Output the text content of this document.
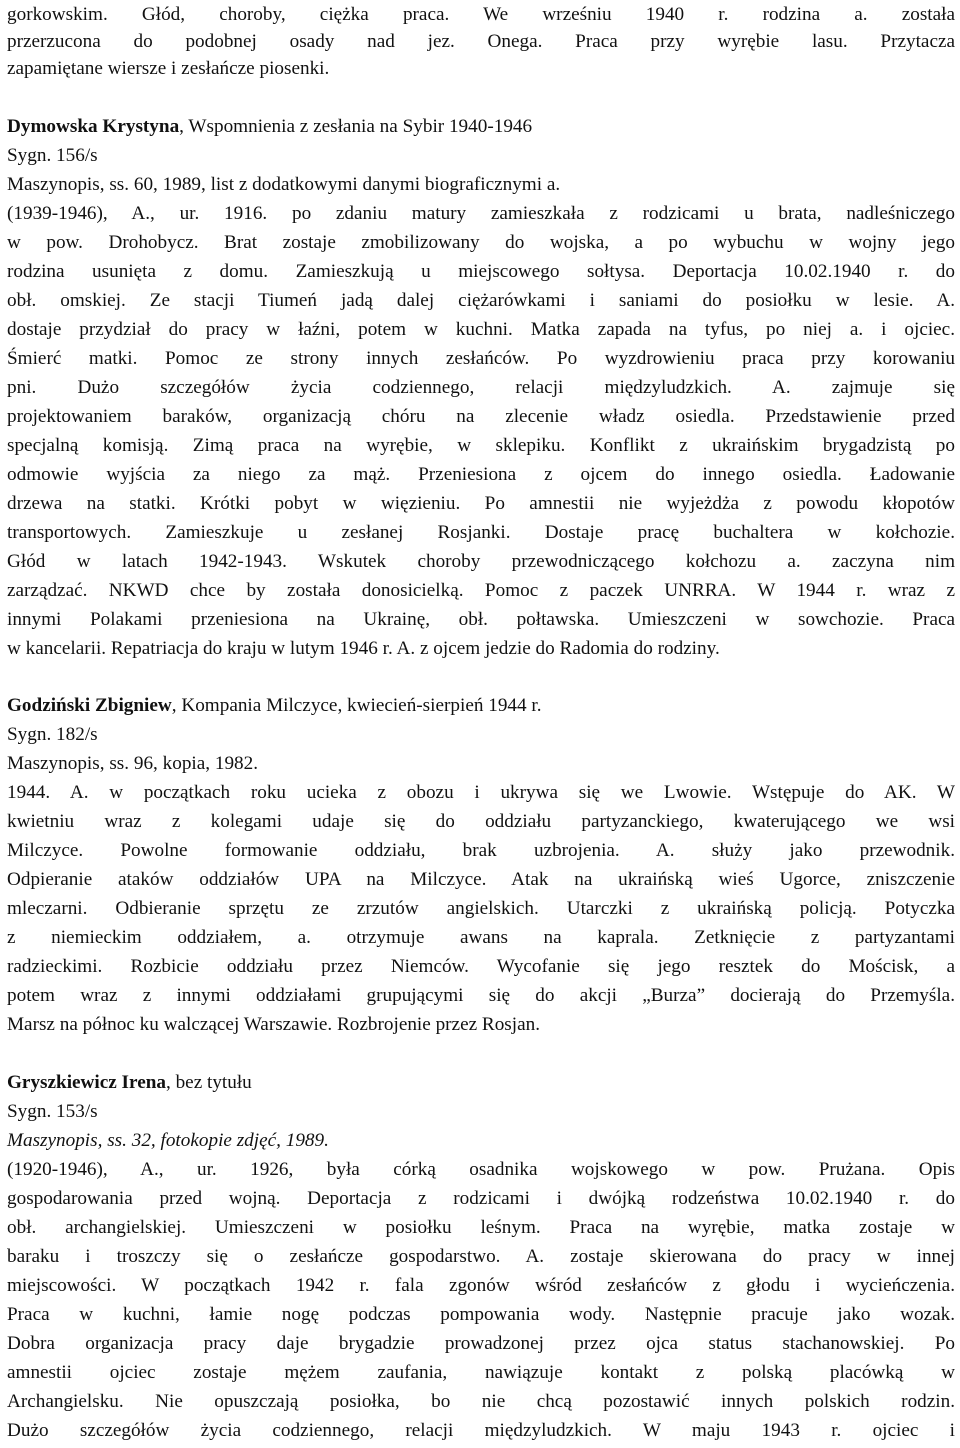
gorkowskim. Głód, choroby, ciężka praca. We wrześniu 1940 r. rodzina a. została
przerzucona do podobnej osady nad jez. Onega. Praca przy wyrębie lasu. Przytacza
zapamiętane wiersze i zesłańcze piosenki.
Dymowska Krystyna, Wspomnienia z zesłania na Sybir 1940-1946
Sygn. 156/s
Maszynopis, ss. 60, 1989, list z dodatkowymi danymi biograficznymi a.
(1939-1946), A., ur. 1916. po zdaniu matury zamieszkała z rodzicami u brata, nadleśniczego
w pow. Drohobycz. Brat zostaje zmobilizowany do wojska, a po wybuchu w wojny jego
rodzina usunięta z domu. Zamieszkują u miejscowego sołtysa. Deportacja 10.02.1940 r. do
obł. omskiej. Ze stacji Tiumeń jadą dalej ciężarówkami i saniami do posiołku w lesie. A.
dostaje przydział do pracy w łaźni, potem w kuchni. Matka zapada na tyfus, po niej a. i ojciec.
Śmierć matki. Pomoc ze strony innych zesłańców. Po wyzdrowieniu praca przy korowaniu
pni. Dużo szczegółów życia codziennego, relacji międzyludzkich. A. zajmuje się
projektowaniem baraków, organizacją chóru na zlecenie władz osiedla. Przedstawienie przed
specjalną komisją. Zimą praca na wyrębie, w sklepiku. Konflikt z ukraińskim brygadzistą po
odmowie wyjścia za niego za mąż. Przeniesiona z ojcem do innego osiedla. Ładowanie
drzewa na statki. Krótki pobyt w więzieniu. Po amnestii nie wyjeżdża z powodu kłopotów
transportowych. Zamieszkuje u zesłanej Rosjanki. Dostaje pracę buchaltera w kołchozie.
Głód w latach 1942-1943. Wskutek choroby przewodniczącego kołchozu a. zaczyna nim
zarządzać. NKWD chce by została donosicielką. Pomoc z paczek UNRRA. W 1944 r. wraz z
innymi Polakami przeniesiona na Ukrainę, obł. połtawska. Umieszczeni w sowchozie. Praca
w kancelarii. Repatriacja do kraju w lutym 1946 r. A. z ojcem jedzie do Radomia do rodziny.
Godziński Zbigniew, Kompania Milczyce, kwiecień-sierpień 1944 r.
Sygn. 182/s
Maszynopis, ss. 96, kopia, 1982.
1944. A. w początkach roku ucieka z obozu i ukrywa się we Lwowie. Wstępuje do AK. W
kwietniu wraz z kolegami udaje się do oddziału partyzanckiego, kwaterującego we wsi
Milczyce. Powolne formowanie oddziału, brak uzbrojenia. A. służy jako przewodnik.
Odpieranie ataków oddziałów UPA na Milczyce. Atak na ukraińską wieś Ugorce, zniszczenie
mleczarni. Odbieranie sprzętu ze zrzutów angielskich. Utarczki z ukraińską policją. Potyczka
z niemieckim oddziałem, a. otrzymuje awans na kaprala. Zetknięcie z partyzantami
radzieckimi. Rozbicie oddziału przez Niemców. Wycofanie się jego resztek do Mościsk, a
potem wraz z innymi oddziałami grupującymi się do akcji „Burza” docierają do Przemyśla.
Marsz na północ ku walczącej Warszawie. Rozbrojenie przez Rosjan.
Gryszkiewicz Irena, bez tytułu
Sygn. 153/s
Maszynopis, ss. 32, fotokopie zdjęć, 1989.
(1920-1946), A., ur. 1926, była córką osadnika wojskowego w pow. Prużana. Opis
gospodarowania przed wojną. Deportacja z rodzicami i dwójką rodzeństwa 10.02.1940 r. do
obł. archangielskiej. Umieszczeni w posiołku leśnym. Praca na wyrębie, matka zostaje w
baraku i troszczy się o zesłańcze gospodarstwo. A. zostaje skierowana do pracy w innej
miejscowości. W początkach 1942 r. fala zgonów wśród zesłańców z głodu i wycieńczenia.
Praca w kuchni, łamie nogę podczas pompowania wody. Następnie pracuje jako wozak.
Dobra organizacja pracy daje brygadzie prowadzonej przez ojca status stachanowskiej. Po
amnestii ojciec zostaje mężem zaufania, nawiązuje kontakt z polską placówką w
Archangielsku. Nie opuszczają posiołka, bo nie chcą pozostawić innych polskich rodzin.
Dużo szczegółów życia codziennego, relacji międzyludzkich. W maju 1943 r. ojciec i
